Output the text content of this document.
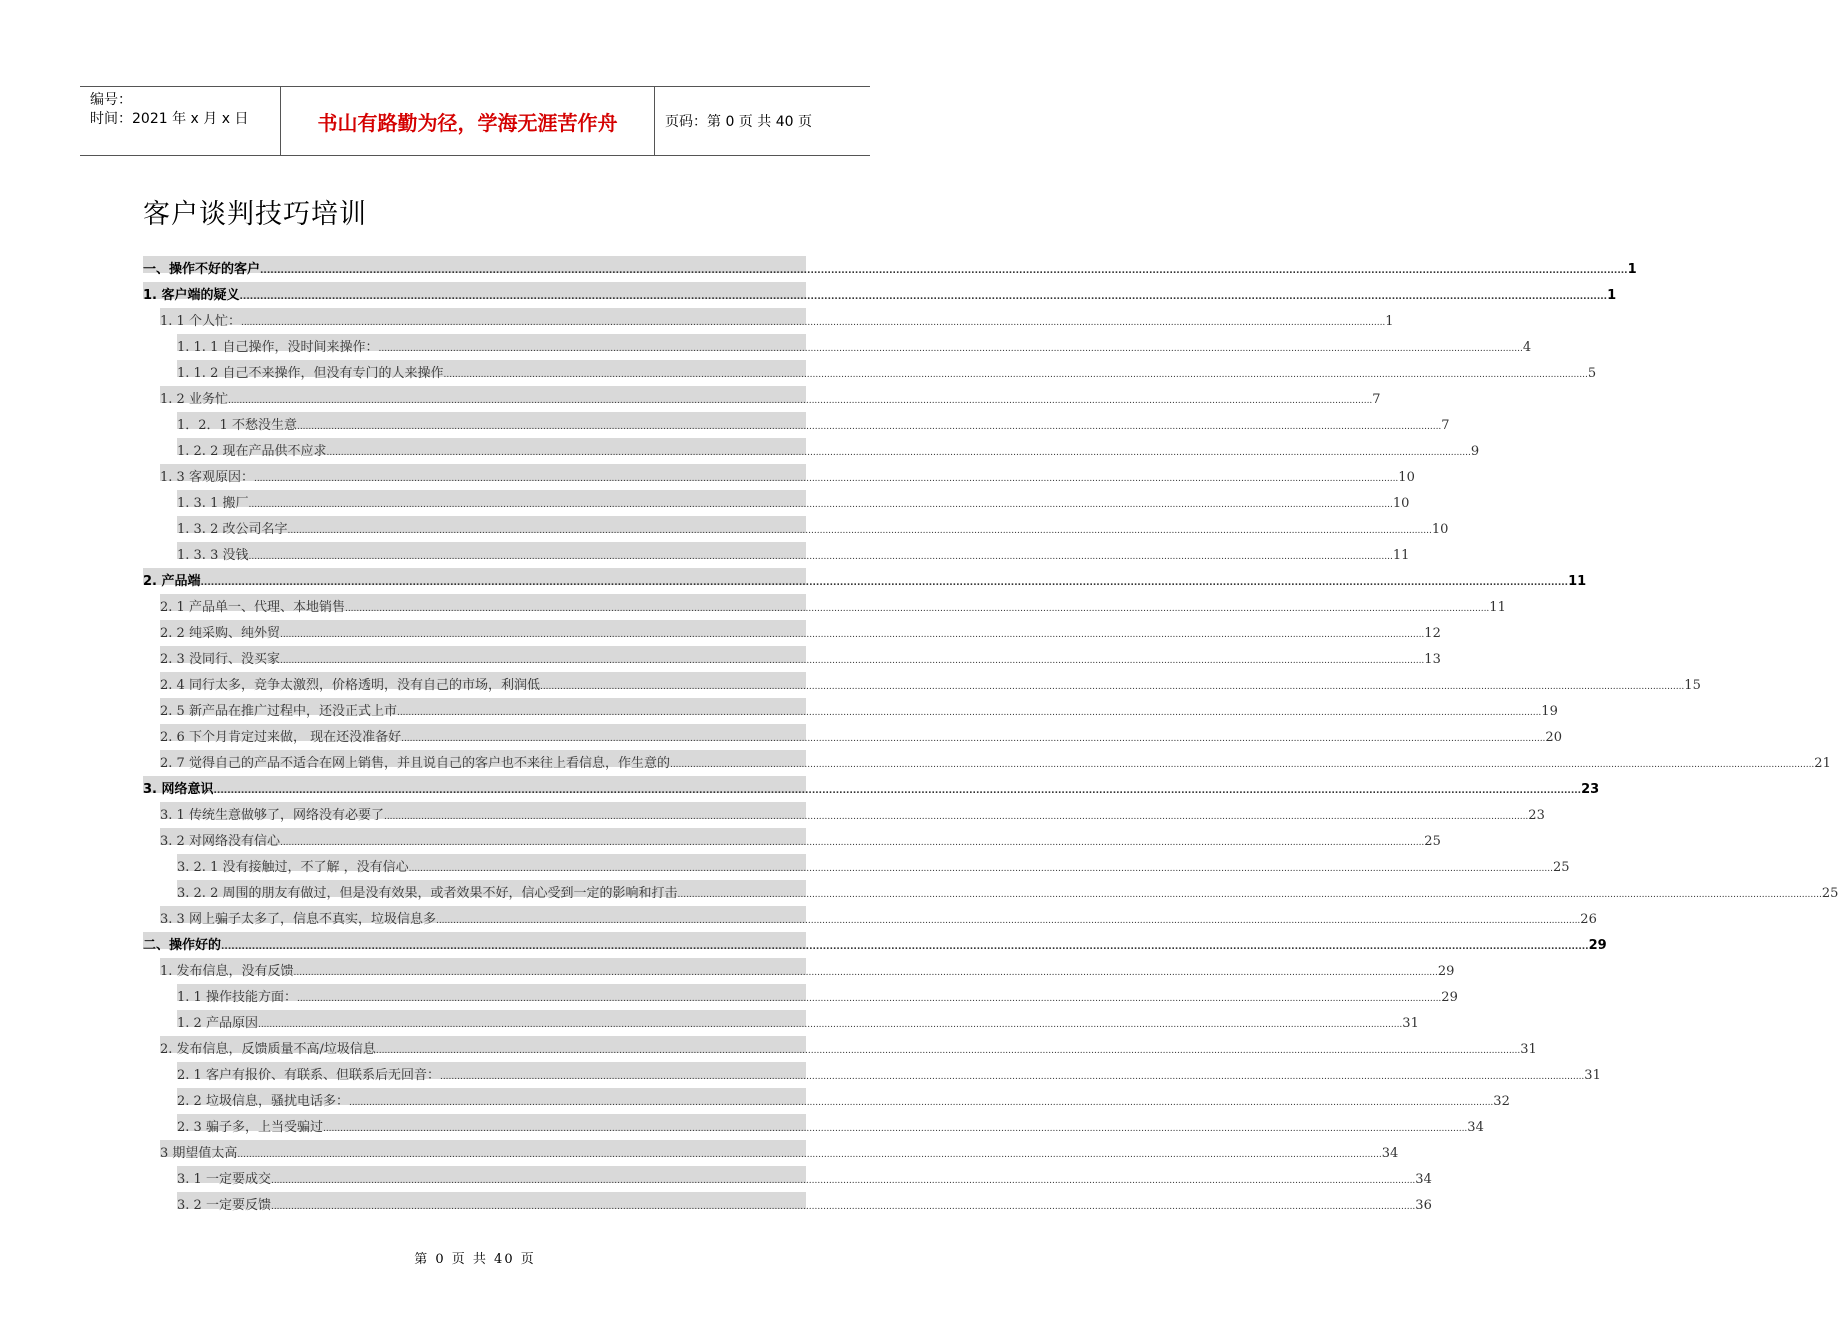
编号：
时间：2021 年 x 月 x 日	书山有路勤为径，学海无涯苦作舟	页码：第 0 页 共 40 页
客户谈判技巧培训
一、操作不好的客户 ................................................................................................................................................................................................................................................................................................................................................................................................................ 1
1. 客户端的疑义 ................................................................................................................................................................................................................................................................................................................................................................................................................ 1
1. 1 个人忙： ................................................................................................................................................................................................................................................................................................................................................................................................................ 1
1. 1. 1 自己操作，没时间来操作： ................................................................................................................................................................................................................................................................................................................................................................................................................ 4
1. 1. 2 自己不来操作，但没有专门的人来操作 ................................................................................................................................................................................................................................................................................................................................................................................................................ 5
1. 2 业务忙 ................................................................................................................................................................................................................................................................................................................................................................................................................ 7
1．2．1 不愁没生意 ................................................................................................................................................................................................................................................................................................................................................................................................................ 7
1. 2. 2 现在产品供不应求 ................................................................................................................................................................................................................................................................................................................................................................................................................ 9
1. 3 客观原因： ................................................................................................................................................................................................................................................................................................................................................................................................................ 10
1. 3. 1 搬厂 ................................................................................................................................................................................................................................................................................................................................................................................................................ 10
1. 3. 2 改公司名字 ................................................................................................................................................................................................................................................................................................................................................................................................................ 10
1. 3. 3 没钱 ................................................................................................................................................................................................................................................................................................................................................................................................................ 11
2. 产品端 ................................................................................................................................................................................................................................................................................................................................................................................................................ 11
2. 1 产品单一、代理、本地销售 ................................................................................................................................................................................................................................................................................................................................................................................................................ 11
2. 2 纯采购、纯外贸 ................................................................................................................................................................................................................................................................................................................................................................................................................ 12
2. 3 没同行、没买家 ................................................................................................................................................................................................................................................................................................................................................................................................................ 13
2. 4 同行太多，竞争太激烈，价格透明，没有自己的市场，利润低 ................................................................................................................................................................................................................................................................................................................................................................................................................ 15
2. 5 新产品在推广过程中，还没正式上市 ................................................................................................................................................................................................................................................................................................................................................................................................................ 19
2. 6 下个月肯定过来做， 现在还没准备好 ................................................................................................................................................................................................................................................................................................................................................................................................................ 20
2. 7 觉得自己的产品不适合在网上销售，并且说自己的客户也不来往上看信息，作生意的 ................................................................................................................................................................................................................................................................................................................................................................................................................ 21
3. 网络意识 ................................................................................................................................................................................................................................................................................................................................................................................................................ 23
3. 1 传统生意做够了，网络没有必要了 ................................................................................................................................................................................................................................................................................................................................................................................................................ 23
3. 2 对网络没有信心 ................................................................................................................................................................................................................................................................................................................................................................................................................ 25
3. 2. 1 没有接触过，不了解 ，没有信心 ................................................................................................................................................................................................................................................................................................................................................................................................................ 25
3. 2. 2 周围的朋友有做过，但是没有效果，或者效果不好，信心受到一定的影响和打击 ................................................................................................................................................................................................................................................................................................................................................................................................................ 25
3. 3 网上骗子太多了，信息不真实，垃圾信息多 ................................................................................................................................................................................................................................................................................................................................................................................................................ 26
二、操作好的 ................................................................................................................................................................................................................................................................................................................................................................................................................ 29
1. 发布信息，没有反馈 ................................................................................................................................................................................................................................................................................................................................................................................................................ 29
1. 1 操作技能方面： ................................................................................................................................................................................................................................................................................................................................................................................................................ 29
1. 2 产品原因 ................................................................................................................................................................................................................................................................................................................................................................................................................ 31
2. 发布信息，反馈质量不高/垃圾信息 ................................................................................................................................................................................................................................................................................................................................................................................................................ 31
2. 1 客户有报价、有联系、但联系后无回音： ................................................................................................................................................................................................................................................................................................................................................................................................................ 31
2. 2 垃圾信息，骚扰电话多： ................................................................................................................................................................................................................................................................................................................................................................................................................ 32
2. 3 骗子多，上当受骗过 ................................................................................................................................................................................................................................................................................................................................................................................................................ 34
3 期望值太高 ................................................................................................................................................................................................................................................................................................................................................................................................................ 34
3. 1 一定要成交 ................................................................................................................................................................................................................................................................................................................................................................................................................ 34
3. 2 一定要反馈 ................................................................................................................................................................................................................................................................................................................................................................................................................ 36
第 0 页 共 40 页
